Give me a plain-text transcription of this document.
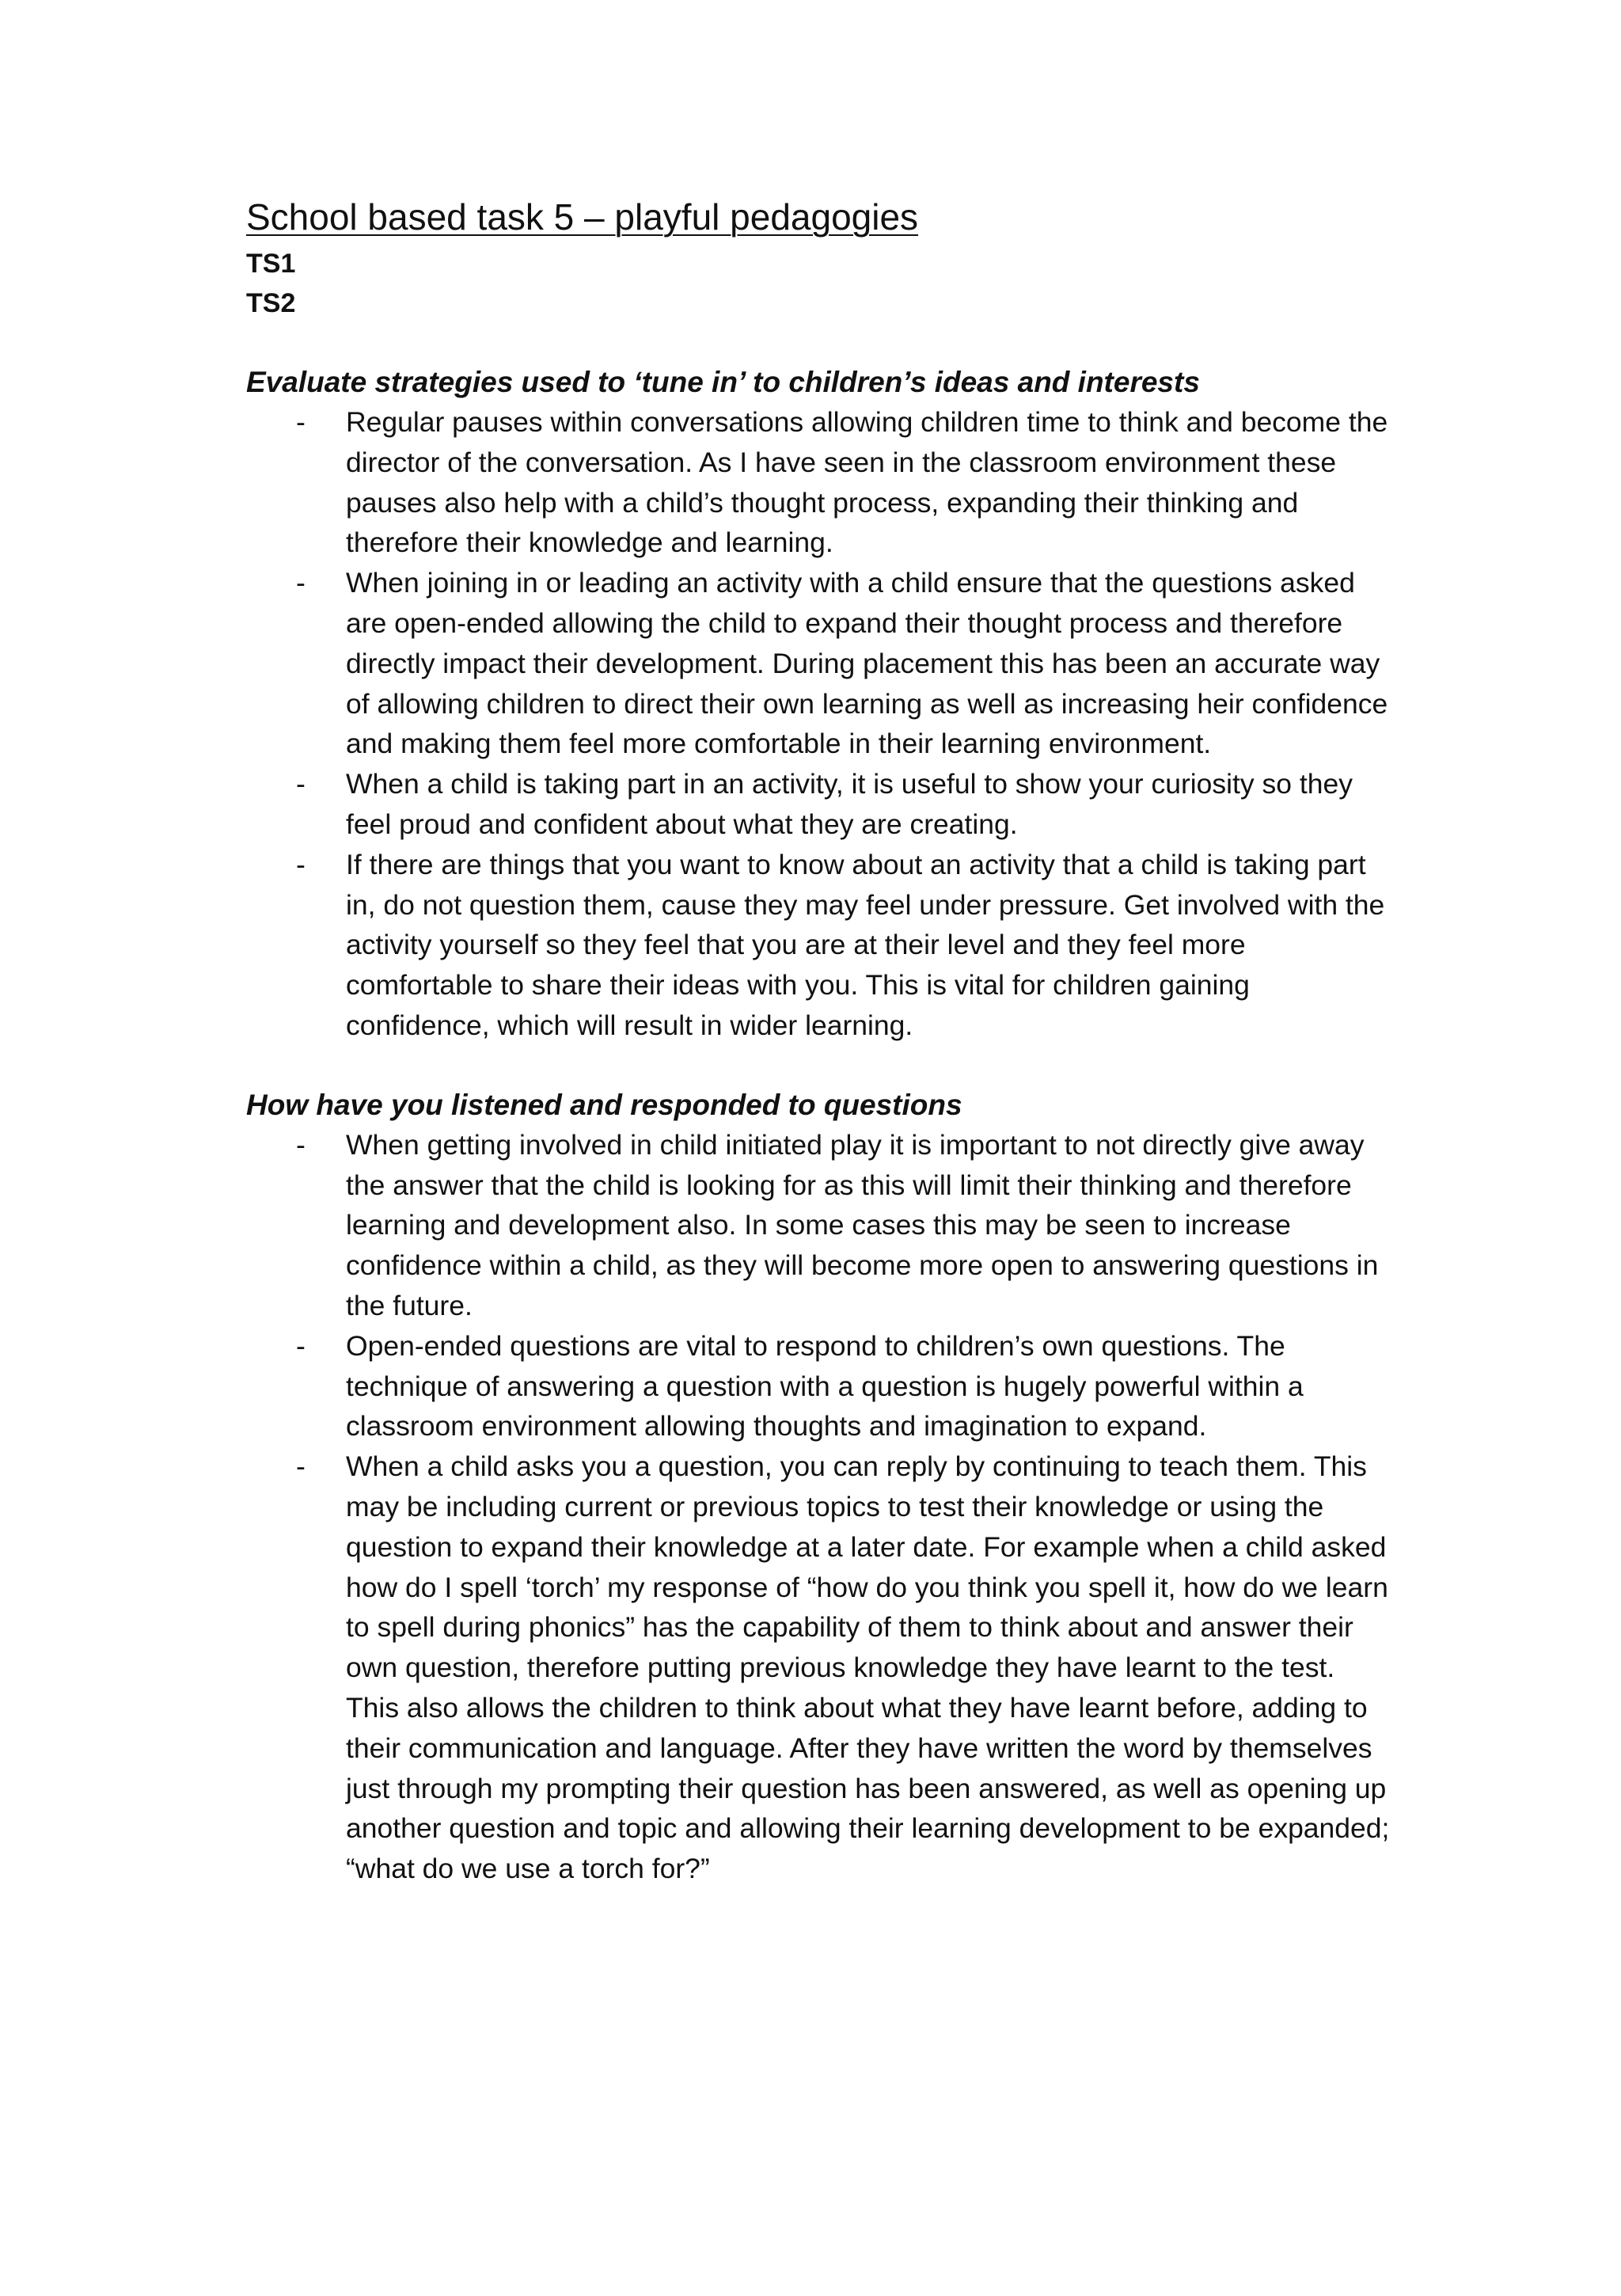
School based task 5 – playful pedagogies

TS1

TS2

Evaluate strategies used to ‘tune in’ to children’s ideas and interests
- Regular pauses within conversations allowing children time to think and become the director of the conversation. As I have seen in the classroom environment these pauses also help with a child’s thought process, expanding their thinking and therefore their knowledge and learning.
- When joining in or leading an activity with a child ensure that the questions asked are open-ended allowing the child to expand their thought process and therefore directly impact their development. During placement this has been an accurate way of allowing children to direct their own learning as well as increasing heir confidence and making them feel more comfortable in their learning environment.
- When a child is taking part in an activity, it is useful to show your curiosity so they feel proud and confident about what they are creating.
- If there are things that you want to know about an activity that a child is taking part in, do not question them, cause they may feel under pressure. Get involved with the activity yourself so they feel that you are at their level and they feel more comfortable to share their ideas with you. This is vital for children gaining confidence, which will result in wider learning.
How have you listened and responded to questions
- When getting involved in child initiated play it is important to not directly give away the answer that the child is looking for as this will limit their thinking and therefore learning and development also. In some cases this may be seen to increase confidence within a child, as they will become more open to answering questions in the future.
- Open-ended questions are vital to respond to children’s own questions. The technique of answering a question with a question is hugely powerful within a classroom environment allowing thoughts and imagination to expand.
- When a child asks you a question, you can reply by continuing to teach them. This may be including current or previous topics to test their knowledge or using the question to expand their knowledge at a later date. For example when a child asked how do I spell ‘torch’ my response of “how do you think you spell it, how do we learn to spell during phonics” has the capability of them to think about and answer their own question, therefore putting previous knowledge they have learnt to the test. This also allows the children to think about what they have learnt before, adding to their communication and language. After they have written the word by themselves just through my prompting their question has been answered, as well as opening up another question and topic and allowing their learning development to be expanded; “what do we use a torch for?”
